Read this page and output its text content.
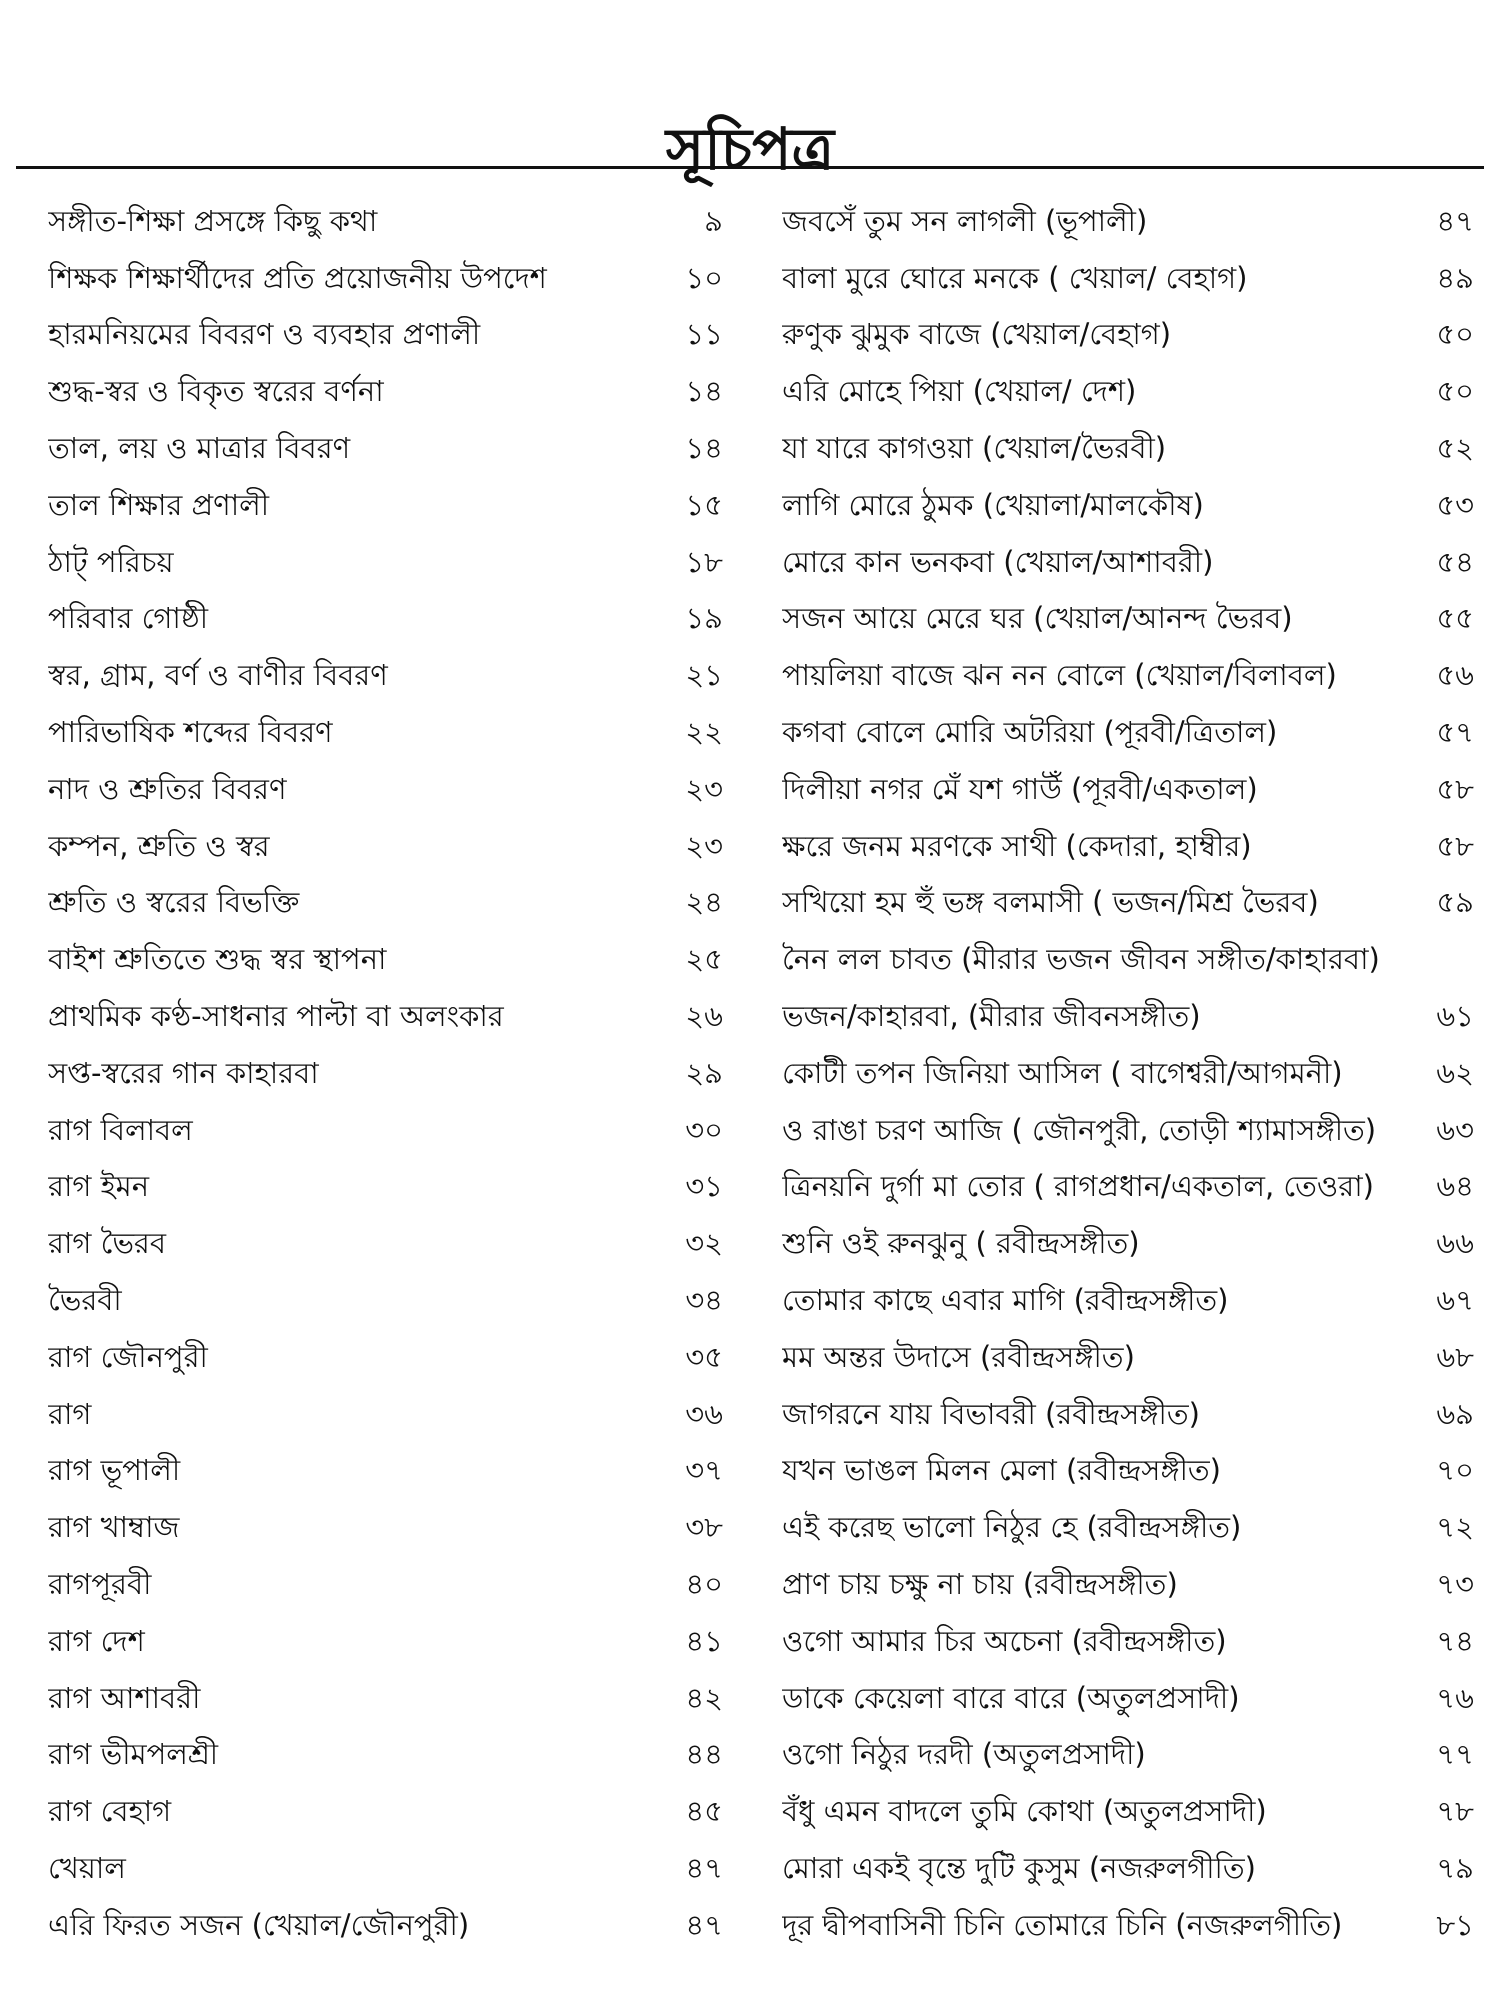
সূচিপত্র
সঙ্গীত-শিক্ষা প্রসঙ্গে কিছু কথা	৯
শিক্ষক শিক্ষার্থীদের প্রতি প্রয়োজনীয় উপদেশ	১০
হারমনিয়মের বিবরণ ও ব্যবহার প্রণালী	১১
শুদ্ধ-স্বর ও বিকৃত স্বরের বর্ণনা	১৪
তাল, লয় ও মাত্রার বিবরণ	১৪
তাল শিক্ষার প্রণালী	১৫
ঠাট্ পরিচয়	১৮
পরিবার গোষ্ঠী	১৯
স্বর, গ্রাম, বর্ণ ও বাণীর বিবরণ	২১
পারিভাষিক শব্দের বিবরণ	২২
নাদ ও শ্রুতির বিবরণ	২৩
কম্পন, শ্রুতি ও স্বর	২৩
শ্রুতি ও স্বরের বিভক্তি	২৪
বাইশ শ্রুতিতে শুদ্ধ স্বর স্থাপনা	২৫
প্রাথমিক কণ্ঠ-সাধনার পাল্টা বা অলংকার	২৬
সপ্ত-স্বরের গান কাহারবা	২৯
রাগ বিলাবল	৩০
রাগ ইমন	৩১
রাগ ভৈরব	৩২
ভৈরবী	৩৪
রাগ জৌনপুরী	৩৫
রাগ	৩৬
রাগ ভূপালী	৩৭
রাগ খাম্বাজ	৩৮
রাগপূরবী	৪০
রাগ দেশ	৪১
রাগ আশাবরী	৪২
রাগ ভীমপলশ্রী	৪৪
রাগ বেহাগ	৪৫
খেয়াল	৪৭
এরি ফিরত সজন (খেয়াল/জৌনপুরী)	৪৭
জবসেঁ তুম সন লাগলী (ভূপালী)	৪৭
বালা মুরে ঘোরে মনকে ( খেয়াল/ বেহাগ)	৪৯
রুণুক ঝুমুক বাজে (খেয়াল/বেহাগ)	৫০
এরি মোহে পিয়া (খেয়াল/ দেশ)	৫০
যা যারে কাগওয়া (খেয়াল/ভৈরবী)	৫২
লাগি মোরে ঠুমক (খেয়ালা/মালকৌষ)	৫৩
মোরে কান ভনকবা (খেয়াল/আশাবরী)	৫৪
সজন আয়ে মেরে ঘর (খেয়াল/আনন্দ ভৈরব)	৫৫
পায়লিয়া বাজে ঝন নন বোলে (খেয়াল/বিলাবল)	৫৬
কগবা বোলে মোরি অটরিয়া (পূরবী/ত্রিতাল)	৫৭
দিলীয়া নগর মেঁ যশ গাউঁ (পূরবী/একতাল)	৫৮
ক্ষরে জনম মরণকে সাথী (কেদারা, হাম্বীর)	৫৮
সখিয়ো হম হুঁ ভঙ্গ বলমাসী ( ভজন/মিশ্র ভৈরব)	৫৯
নৈন লল চাবত (মীরার ভজন জীবন সঙ্গীত/কাহারবা)
ভজন/কাহারবা, (মীরার জীবনসঙ্গীত)	৬১
কোটী তপন জিনিয়া আসিল ( বাগেশ্বরী/আগমনী)	৬২
ও রাঙা চরণ আজি ( জৌনপুরী, তোড়ী শ্যামাসঙ্গীত)	৬৩
ত্রিনয়নি দুর্গা মা তোর ( রাগপ্রধান/একতাল, তেওরা)	৬৪
শুনি ওই রুনঝুনু ( রবীন্দ্রসঙ্গীত)	৬৬
তোমার কাছে এবার মাগি (রবীন্দ্রসঙ্গীত)	৬৭
মম অন্তর উদাসে (রবীন্দ্রসঙ্গীত)	৬৮
জাগরনে যায় বিভাবরী (রবীন্দ্রসঙ্গীত)	৬৯
যখন ভাঙল মিলন মেলা (রবীন্দ্রসঙ্গীত)	৭০
এই করেছ ভালো নিঠুর হে (রবীন্দ্রসঙ্গীত)	৭২
প্রাণ চায় চক্ষু না চায় (রবীন্দ্রসঙ্গীত)	৭৩
ওগো আমার চির অচেনা (রবীন্দ্রসঙ্গীত)	৭৪
ডাকে কেয়েলা বারে বারে (অতুলপ্রসাদী)	৭৬
ওগো নিঠুর দরদী (অতুলপ্রসাদী)	৭৭
বঁধু এমন বাদলে তুমি কোথা (অতুলপ্রসাদী)	৭৮
মোরা একই বৃন্তে দুটি কুসুম (নজরুলগীতি)	৭৯
দূর দ্বীপবাসিনী চিনি তোমারে চিনি (নজরুলগীতি)	৮১
